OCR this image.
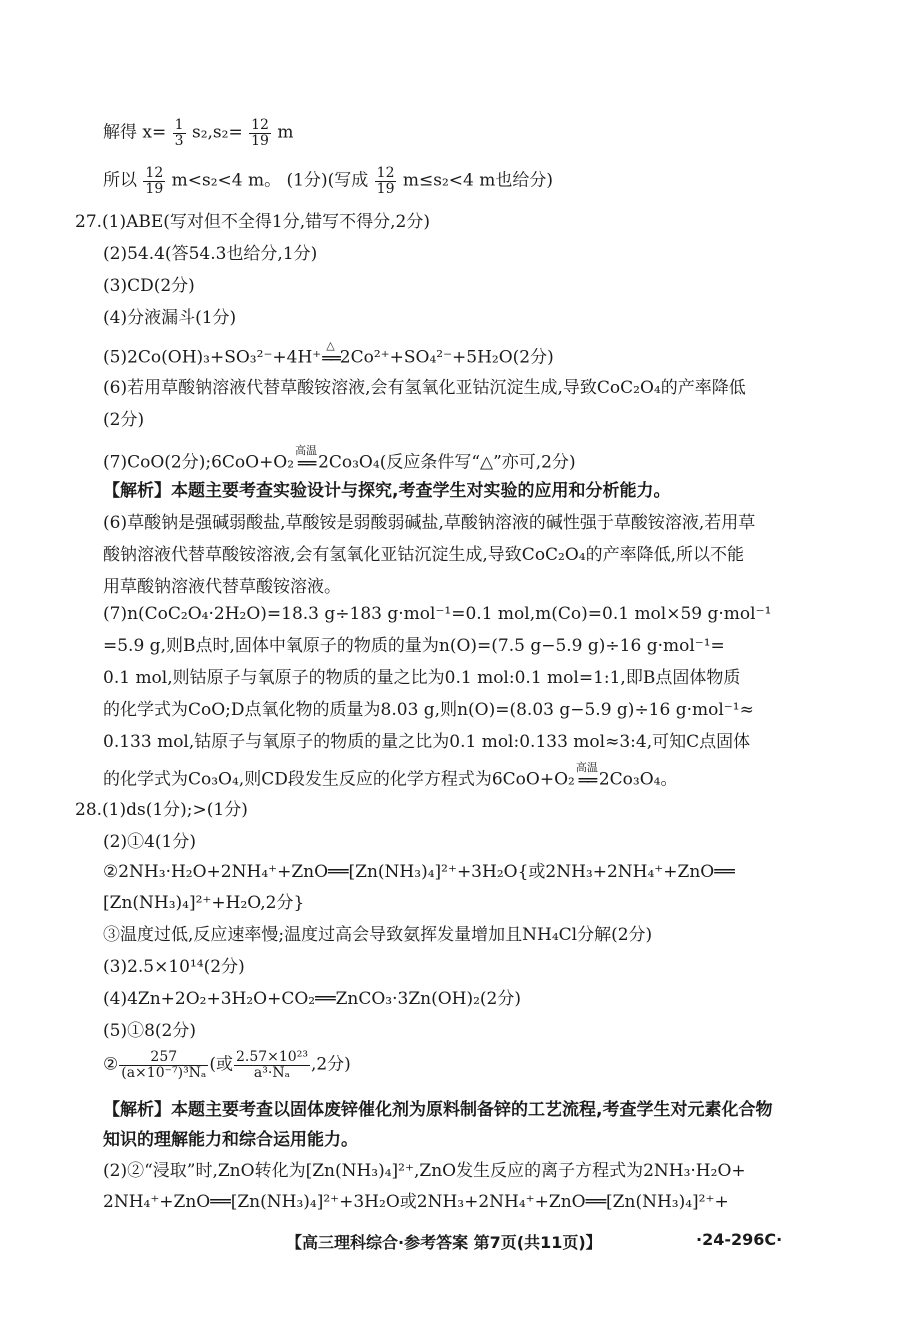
解得 $x= \frac{1}{3} s_2,s_2= \frac{12}{19}$ m
所以 $\frac{12}{19} m<s_2<4$ m。 (1分)(写成 $\frac{12}{19} m\le s_2<4$ m也给分)
27.(1)ABE(写对但不全得1分,错写不得分,2分)
(2)54.4(答54.3也给分,1分)
(3)CD(2分)
(4)分液漏斗(1分)
(5)2Co(OH)₃+SO₃²⁻+4H⁺
△
══ 2Co²⁺+SO₄²⁻+5H₂O(2分)
(6)若用草酸钠溶液代替草酸铵溶液,会有氢氧化亚钴沉淀生成,导致CoC₂O₄的产率降低
(2分)
(7)CoO(2分);6CoO+O₂
高温
══ 2Co₃O₄(反应条件写“△”亦可,2分)
【解析】本题主要考查实验设计与探究,考查学生对实验的应用和分析能力。
(6)草酸钠是强碱弱酸盐,草酸铵是弱酸弱碱盐,草酸钠溶液的碱性强于草酸铵溶液,若用草
酸钠溶液代替草酸铵溶液,会有氢氧化亚钴沉淀生成,导致CoC₂O₄的产率降低,所以不能
用草酸钠溶液代替草酸铵溶液。
(7)n(CoC₂O₄·2H₂O)=18.3 g÷183 g·mol⁻¹=0.1 mol,m(Co)=0.1 mol×59 g·mol⁻¹
=5.9 g,则B点时,固体中氧原子的物质的量为n(O)=(7.5 g−5.9 g)÷16 g·mol⁻¹=
0.1 mol,则钴原子与氧原子的物质的量之比为0.1 mol:0.1 mol=1:1,即B点固体物质
的化学式为CoO;D点氧化物的质量为8.03 g,则n(O)=(8.03 g−5.9 g)÷16 g·mol⁻¹≈
0.133 mol,钴原子与氧原子的物质的量之比为0.1 mol:0.133 mol≈3:4,可知C点固体
的化学式为Co₃O₄,则CD段发生反应的化学方程式为6CoO+O₂
高温
══ 2Co₃O₄。
28.(1)ds(1分);>(1分)
(2)①4(1分)
②2NH₃·H₂O+2NH₄⁺+ZnO══[Zn(NH₃)₄]²⁺+3H₂O{或2NH₃+2NH₄⁺+ZnO══
[Zn(NH₃)₄]²⁺+H₂O,2分}
③温度过低,反应速率慢;温度过高会导致氨挥发量增加且NH₄Cl分解(2分)
(3)2.5×10¹⁴(2分)
(4)4Zn+2O₂+3H₂O+CO₂══ZnCO₃·3Zn(OH)₂(2分)
(5)①8(2分)
② $\frac{257}{\text{(a×10⁻⁷)³Nₐ}}$ (或 $\frac{\text{2.57×10²³}}{\text{a³·Nₐ}} ,2$分)
【解析】本题主要考查以固体废锌催化剂为原料制备锌的工艺流程,考查学生对元素化合物
知识的理解能力和综合运用能力。
(2)②“浸取”时,ZnO转化为[Zn(NH₃)₄]²⁺,ZnO发生反应的离子方程式为2NH₃·H₂O+
2NH₄⁺+ZnO══[Zn(NH₃)₄]²⁺+3H₂O或2NH₃+2NH₄⁺+ZnO══[Zn(NH₃)₄]²⁺+
【高三理科综合·参考答案 第7页(共11页)】	·24-296C·
